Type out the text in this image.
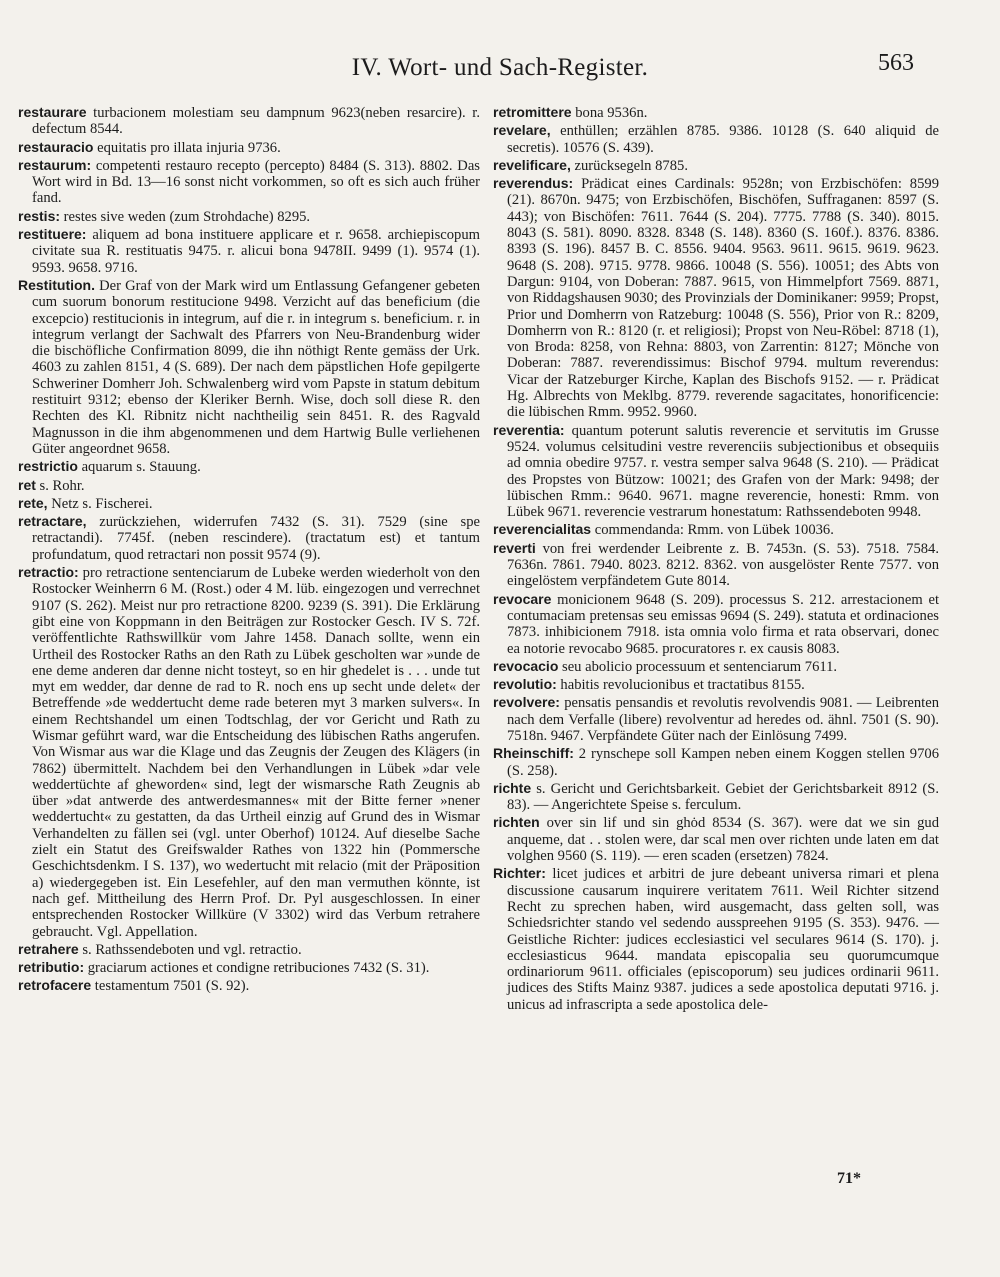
IV. Wort- und Sach-Register.	563

restaurare turbacionem molestiam seu dampnum 9623(neben resarcire). r. defectum 8544.

restauracio equitatis pro illata injuria 9736.

restaurum: competenti restauro recepto (percepto) 8484 (S. 313). 8802. Das Wort wird in Bd. 13—16 sonst nicht vorkommen, so oft es sich auch früher fand.

restis: restes sive weden (zum Strohdache) 8295.

restituere: aliquem ad bona instituere applicare et r. 9658. archiepiscopum civitate sua R. restituatis 9475. r. alicui bona 9478II. 9499 (1). 9574 (1). 9593. 9658. 9716.

Restitution. Der Graf von der Mark wird um Entlassung Gefangener gebeten cum suorum bonorum restitucione 9498. Verzicht auf das beneficium (die excepcio) restitucionis in integrum, auf die r. in integrum s. beneficium. r. in integrum verlangt der Sachwalt des Pfarrers von Neu-Brandenburg wider die bischöfliche Confirmation 8099, die ihn nöthigt Rente gemäss der Urk. 4603 zu zahlen 8151, 4 (S. 689). Der nach dem päpstlichen Hofe gepilgerte Schweriner Domherr Joh. Schwalenberg wird vom Papste in statum debitum restituirt 9312; ebenso der Kleriker Bernh. Wise, doch soll diese R. den Rechten des Kl. Ribnitz nicht nachtheilig sein 8451. R. des Ragvald Magnusson in die ihm abgenommenen und dem Hartwig Bulle verliehenen Güter angeordnet 9658.

restrictio aquarum s. Stauung.

ret s. Rohr.

rete, Netz s. Fischerei.

retractare, zurückziehen, widerrufen 7432 (S. 31). 7529 (sine spe retractandi). 7745f. (neben rescindere). (tractatum est) et tantum profundatum, quod retractari non possit 9574 (9).

retractio: pro retractione sentenciarum de Lubeke werden wiederholt von den Rostocker Weinherrn 6 M. (Rost.) oder 4 M. lüb. eingezogen und verrechnet 9107 (S. 262). Meist nur pro retractione 8200. 9239 (S. 391). Die Erklärung gibt eine von Koppmann in den Beiträgen zur Rostocker Gesch. IV S. 72f. veröffentlichte Rathswillkür vom Jahre 1458. Danach sollte, wenn ein Urtheil des Rostocker Raths an den Rath zu Lübek gescholten war »unde de ene deme anderen dar denne nicht tosteyt, so en hir ghedelet is . . . unde tut myt em wedder, dar denne de rad to R. noch ens up secht unde delet« der Betreffende »de weddertucht deme rade beteren myt 3 marken sulvers«. In einem Rechtshandel um einen Todtschlag, der vor Gericht und Rath zu Wismar geführt ward, war die Entscheidung des lübischen Raths angerufen. Von Wismar aus war die Klage und das Zeugnis der Zeugen des Klägers (in 7862) übermittelt. Nachdem bei den Verhandlungen in Lübek »dar vele weddertüchte af gheworden« sind, legt der wismarsche Rath Zeugnis ab über »dat antwerde des antwerdesmannes« mit der Bitte ferner »nener weddertucht« zu gestatten, da das Urtheil einzig auf Grund des in Wismar Verhandelten zu fällen sei (vgl. unter Oberhof) 10124. Auf dieselbe Sache zielt ein Statut des Greifswalder Rathes von 1322 hin (Pommersche Geschichtsdenkm. I S. 137), wo wedertucht mit relacio (mit der Präposition a) wiedergegeben ist. Ein Lesefehler, auf den man vermuthen könnte, ist nach gef. Mittheilung des Herrn Prof. Dr. Pyl ausgeschlossen. In einer entsprechenden Rostocker Willküre (V 3302) wird das Verbum retrahere gebraucht. Vgl. Appellation.

retrahere s. Rathssendeboten und vgl. retractio.

retributio: graciarum actiones et condigne retribuciones 7432 (S. 31).

retrofacere testamentum 7501 (S. 92).

retromittere bona 9536n.

revelare, enthüllen; erzählen 8785. 9386. 10128 (S. 640 aliquid de secretis). 10576 (S. 439).

revelificare, zurücksegeln 8785.

reverendus: Prädicat eines Cardinals: 9528n; von Erzbischöfen: 8599 (21). 8670n. 9475; von Erzbischöfen, Bischöfen, Suffraganen: 8597 (S. 443); von Bischöfen: 7611. 7644 (S. 204). 7775. 7788 (S. 340). 8015. 8043 (S. 581). 8090. 8328. 8348 (S. 148). 8360 (S. 160f.). 8376. 8386. 8393 (S. 196). 8457 B. C. 8556. 9404. 9563. 9611. 9615. 9619. 9623. 9648 (S. 208). 9715. 9778. 9866. 10048 (S. 556). 10051; des Abts von Dargun: 9104, von Doberan: 7887. 9615, von Himmelpfort 7569. 8871, von Riddagshausen 9030; des Provinzials der Dominikaner: 9959; Propst, Prior und Domherrn von Ratzeburg: 10048 (S. 556), Prior von R.: 8209, Domherrn von R.: 8120 (r. et religiosi); Propst von Neu-Röbel: 8718 (1), von Broda: 8258, von Rehna: 8803, von Zarrentin: 8127; Mönche von Doberan: 7887. reverendissimus: Bischof 9794. multum reverendus: Vicar der Ratzeburger Kirche, Kaplan des Bischofs 9152. — r. Prädicat Hg. Albrechts von Meklbg. 8779. reverende sagacitates, honorificencie: die lübischen Rmm. 9952. 9960.

reverentia: quantum poterunt salutis reverencie et servitutis im Grusse 9524. volumus celsitudini vestre reverenciis subjectionibus et obsequiis ad omnia obedire 9757. r. vestra semper salva 9648 (S. 210). — Prädicat des Propstes von Bützow: 10021; des Grafen von der Mark: 9498; der lübischen Rmm.: 9640. 9671. magne reverencie, honesti: Rmm. von Lübek 9671. reverencie vestrarum honestatum: Rathssendeboten 9948.

reverencialitas commendanda: Rmm. von Lübek 10036.

reverti von frei werdender Leibrente z. B. 7453n. (S. 53). 7518. 7584. 7636n. 7861. 7940. 8023. 8212. 8362. von ausgelöster Rente 7577. von eingelöstem verpfändetem Gute 8014.

revocare monicionem 9648 (S. 209). processus S. 212. arrestacionem et contumaciam pretensas seu emissas 9694 (S. 249). statuta et ordinaciones 7873. inhibicionem 7918. ista omnia volo firma et rata observari, donec ea notorie revocabo 9685. procuratores r. ex causis 8083.

revocacio seu abolicio processuum et sentenciarum 7611.

revolutio: habitis revolucionibus et tractatibus 8155.

revolvere: pensatis pensandis et revolutis revolvendis 9081. — Leibrenten nach dem Verfalle (libere) revolventur ad heredes od. ähnl. 7501 (S. 90). 7518n. 9467. Verpfändete Güter nach der Einlösung 7499.

Rheinschiff: 2 rynschepe soll Kampen neben einem Koggen stellen 9706 (S. 258).

richte s. Gericht und Gerichtsbarkeit. Gebiet der Gerichtsbarkeit 8912 (S. 83). — Angerichtete Speise s. ferculum.

richten over sin lif und sin ghȯd 8534 (S. 367). were dat we sin gud anqueme, dat . . stolen were, dar scal men over richten unde laten em dat volghen 9560 (S. 119). — eren scaden (ersetzen) 7824.

Richter: licet judices et arbitri de jure debeant universa rimari et plena discussione causarum inquirere veritatem 7611. Weil Richter sitzend Recht zu sprechen haben, wird ausgemacht, dass gelten soll, was Schiedsrichter stando vel sedendo ausspreehen 9195 (S. 353). 9476. — Geistliche Richter: judices ecclesiastici vel seculares 9614 (S. 170). j. ecclesiasticus 9644. mandata episcopalia seu quorumcumque ordinariorum 9611. officiales (episcoporum) seu judices ordinarii 9611. judices des Stifts Mainz 9387. judices a sede apostolica deputati 9716. j. unicus ad infrascripta a sede apostolica dele-

71*
